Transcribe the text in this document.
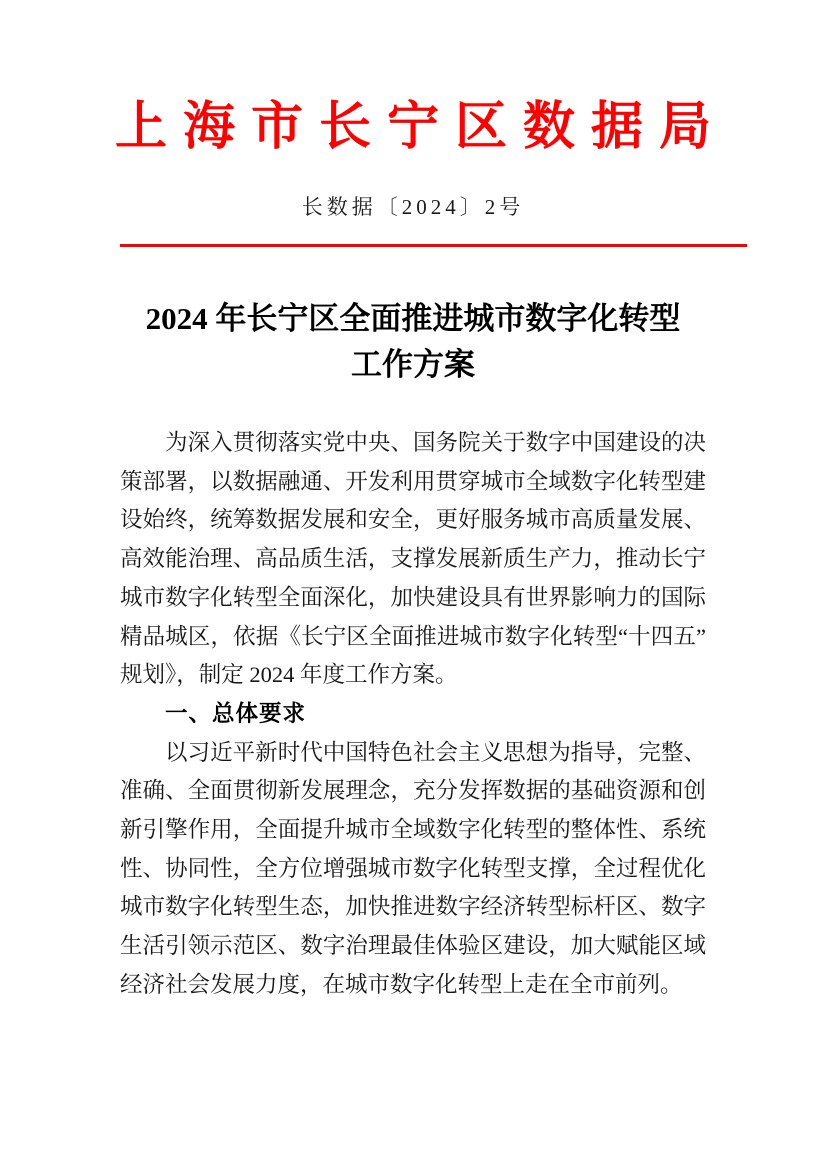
上海市长宁区数据局
长数据〔2024〕2号
2024 年长宁区全面推进城市数字化转型
工作方案
为深入贯彻落实党中央、国务院关于数字中国建设的决
策部署，以数据融通、开发利用贯穿城市全域数字化转型建
设始终，统筹数据发展和安全，更好服务城市高质量发展、
高效能治理、高品质生活，支撑发展新质生产力，推动长宁
城市数字化转型全面深化，加快建设具有世界影响力的国际
精品城区，依据《长宁区全面推进城市数字化转型“十四五”
规划》，制定 2024 年度工作方案。
一、总体要求
以习近平新时代中国特色社会主义思想为指导，完整、
准确、全面贯彻新发展理念，充分发挥数据的基础资源和创
新引擎作用，全面提升城市全域数字化转型的整体性、系统
性、协同性，全方位增强城市数字化转型支撑，全过程优化
城市数字化转型生态，加快推进数字经济转型标杆区、数字
生活引领示范区、数字治理最佳体验区建设，加大赋能区域
经济社会发展力度，在城市数字化转型上走在全市前列。
